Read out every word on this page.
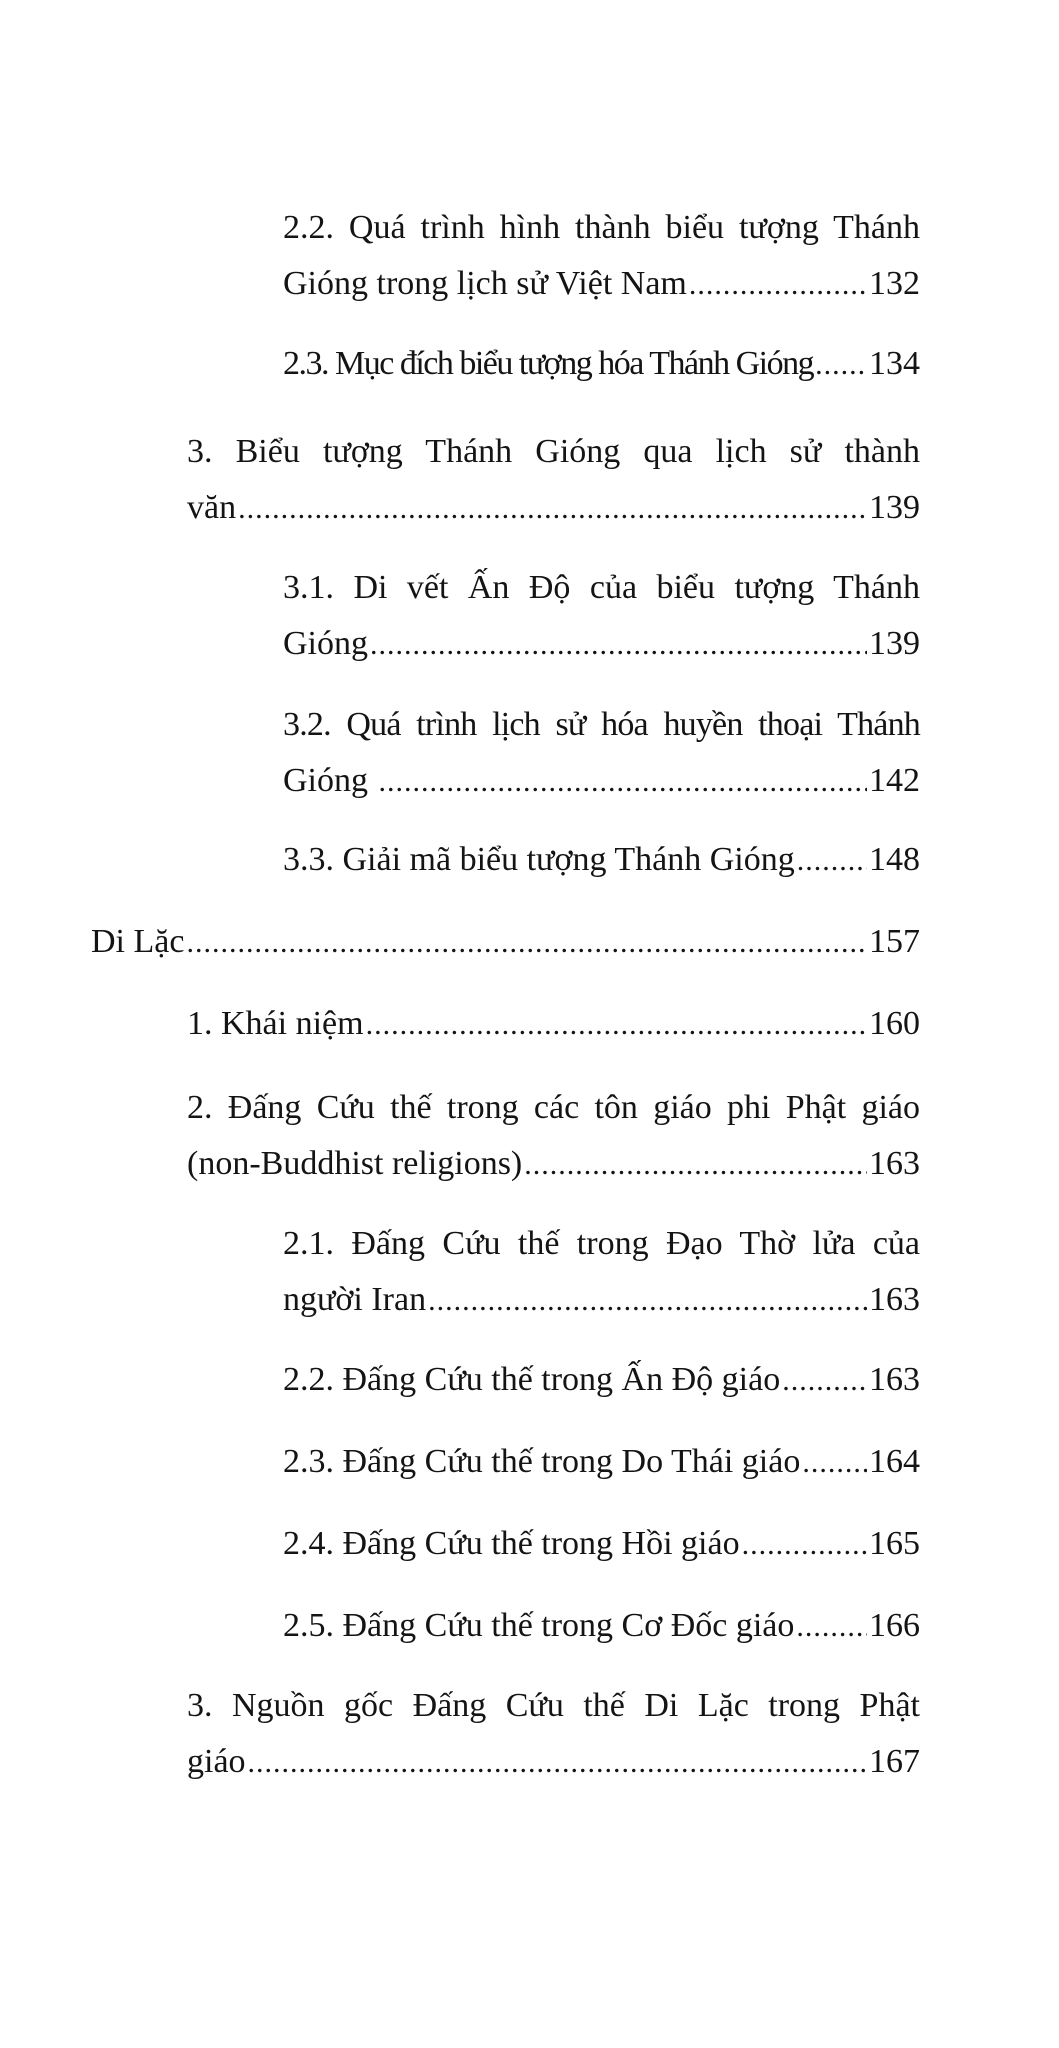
2.2. Quá trình hình thành biểu tượng Thánh
Gióng trong lịch sử Việt Nam .....	132
2.3. Mục đích biểu tượng hóa Thánh Gióng ..... 134
3. Biểu tượng Thánh Gióng qua lịch sử thành
văn .....	139
3.1. Di vết Ấn Độ của biểu tượng Thánh
Gióng .....	139
3.2. Quá trình lịch sử hóa huyền thoại Thánh
Gióng .....	142
3.3. Giải mã biểu tượng Thánh Gióng ..... 148
Di Lặc .....	157
1. Khái niệm .....	160
2. Đấng Cứu thế trong các tôn giáo phi Phật giáo
(non-Buddhist religions) .....	163
2.1. Đấng Cứu thế trong Đạo Thờ lửa của
người Iran .....	163
2.2. Đấng Cứu thế trong Ấn Độ giáo .....	163
2.3. Đấng Cứu thế trong Do Thái giáo ..... 164
2.4. Đấng Cứu thế trong Hồi giáo .....	165
2.5. Đấng Cứu thế trong Cơ Đốc giáo ..... 166
3. Nguồn gốc Đấng Cứu thế Di Lặc trong Phật
giáo .....	167
